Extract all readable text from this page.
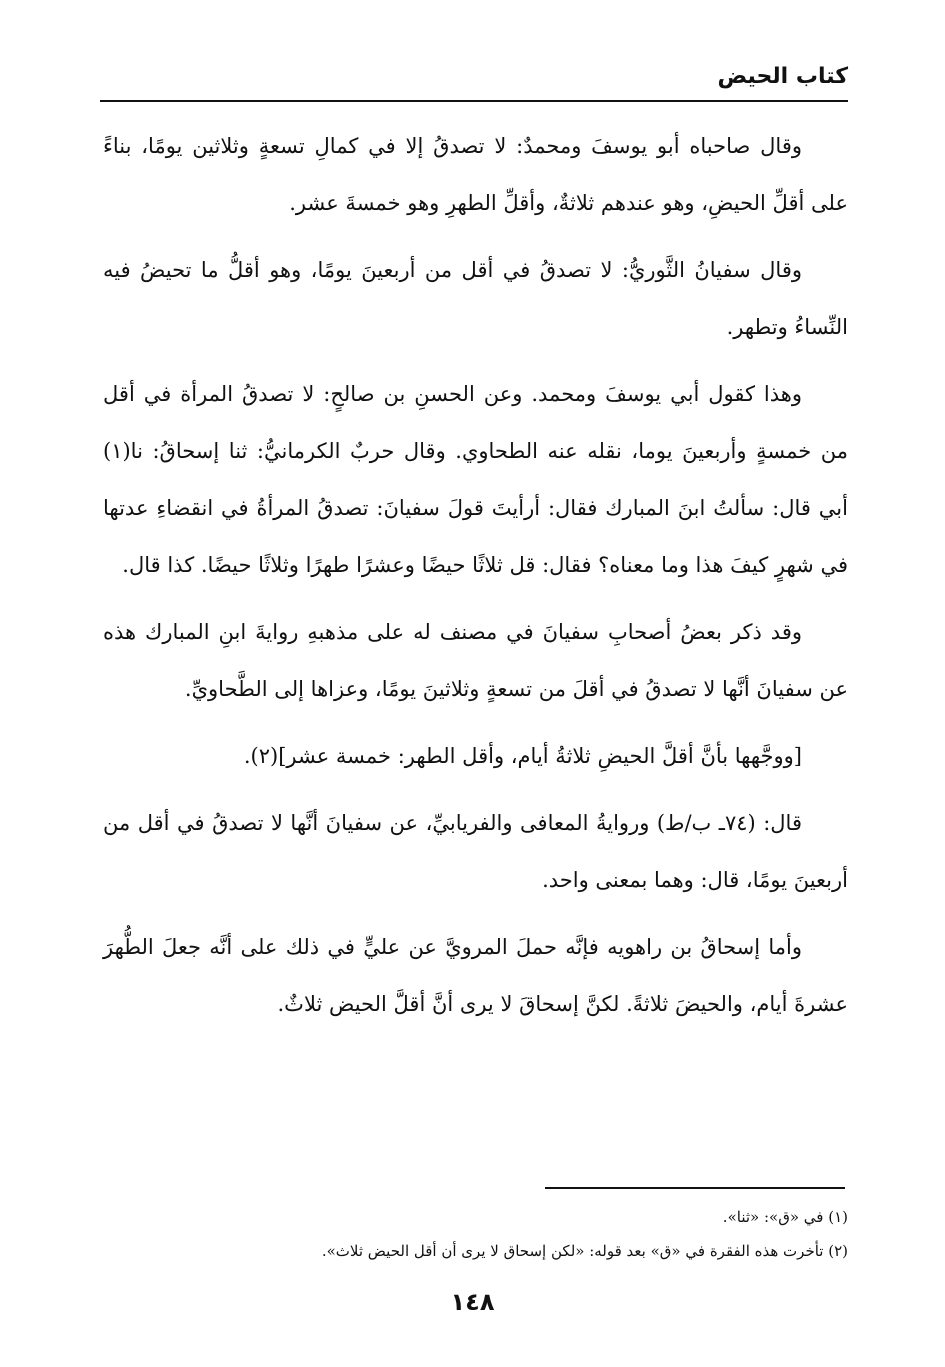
كتاب الحيض

وقال صاحباه أبو يوسفَ ومحمدٌ: لا تصدقُ إلا في كمالِ تسعةٍ وثلاثين يومًا، بناءً على أقلِّ الحيضِ، وهو عندهم ثلاثةٌ، وأقلِّ الطهرِ وهو خمسةَ عشر.

وقال سفيانُ الثَّوريُّ: لا تصدقُ في أقل من أربعينَ يومًا، وهو أقلُّ ما تحيضُ فيه النِّساءُ وتطهر.

وهذا كقول أبي يوسفَ ومحمد. وعن الحسنِ بن صالحٍ: لا تصدقُ المرأة في أقل من خمسةٍ وأربعينَ يوما، نقله عنه الطحاوي. وقال حربٌ الكرمانيُّ: ثنا إسحاقُ: نا(١) أبي قال: سألتُ ابنَ المبارك فقال: أرأيتَ قولَ سفيانَ: تصدقُ المرأةُ في انقضاءِ عدتها في شهرٍ كيفَ هذا وما معناه؟ فقال: قل ثلاثًا حيضًا وعشرًا طهرًا وثلاثًا حيضًا. كذا قال.

وقد ذكر بعضُ أصحابِ سفيانَ في مصنف له على مذهبهِ روايةَ ابنِ المبارك هذه عن سفيانَ أنَّها لا تصدقُ في أقلَ من تسعةٍ وثلاثينَ يومًا، وعزاها إلى الطَّحاويِّ.

[ووجَّهها بأنَّ أقلَّ الحيضِ ثلاثةُ أيام، وأقل الطهر: خمسة عشر](٢).

قال: (٧٤ـ ب/ط) وروايةُ المعافى والفريابيِّ، عن سفيانَ أنَّها لا تصدقُ في أقل من أربعينَ يومًا، قال: وهما بمعنى واحد.

وأما إسحاقُ بن راهويه فإنَّه حملَ المرويَّ عن عليٍّ في ذلك على أنَّه جعلَ الطُّهرَ عشرةَ أيام، والحيضَ ثلاثةً. لكنَّ إسحاقَ لا يرى أنَّ أقلَّ الحيض ثلاثٌ.

(١) في «ق»: «ثنا».

(٢) تأخرت هذه الفقرة في «ق» بعد قوله: «لكن إسحاق لا يرى أن أقل الحيض ثلاث».

١٤٨
